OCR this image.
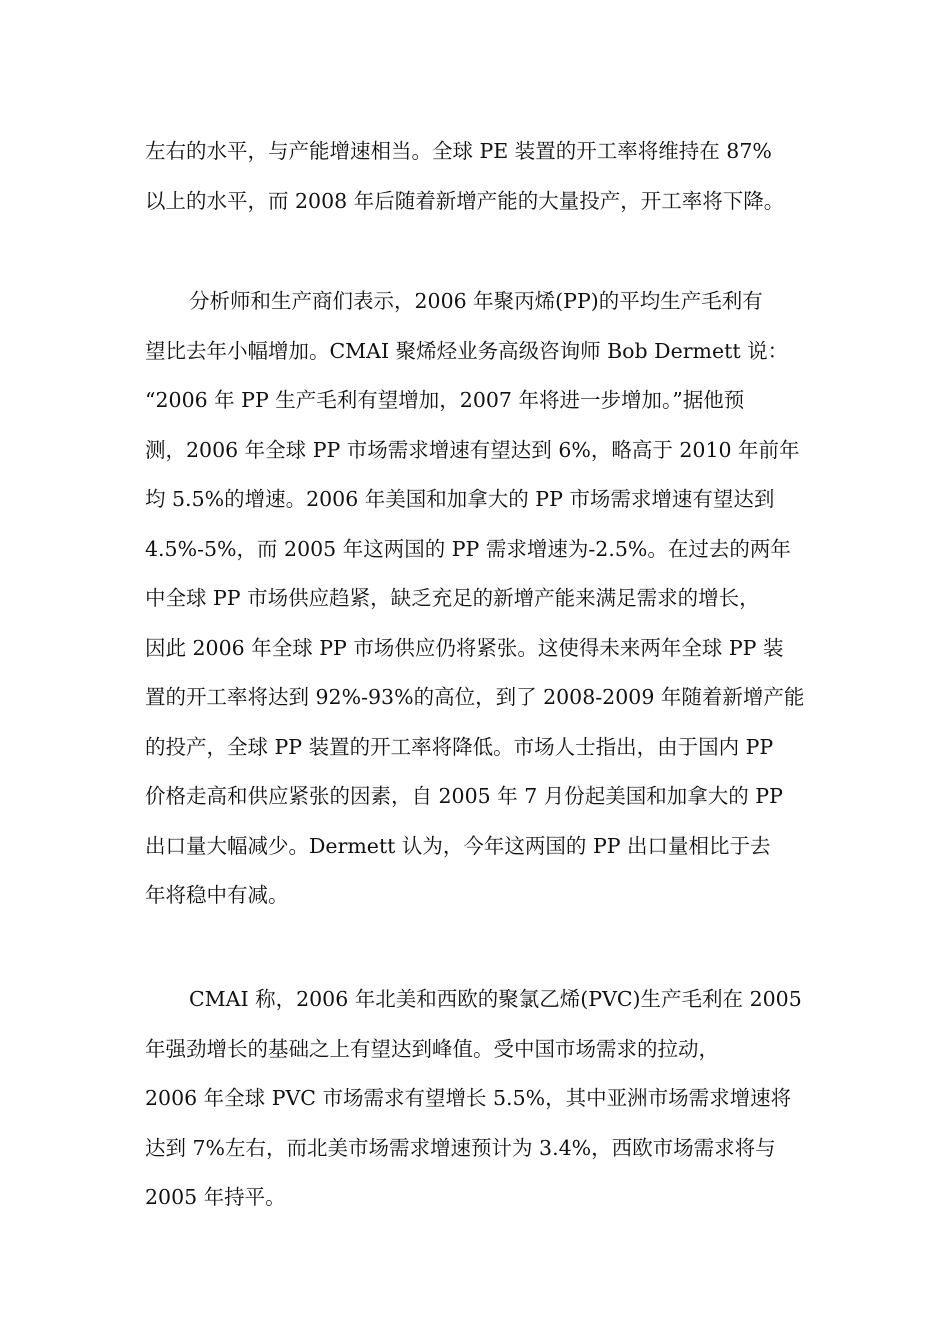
左右的水平，与产能增速相当。全球 PE 装置的开工率将维持在 87%
以上的水平，而 2008 年后随着新增产能的大量投产，开工率将下降。
分析师和生产商们表示，2006 年聚丙烯(PP)的平均生产毛利有
望比去年小幅增加。CMAI 聚烯烃业务高级咨询师 Bob Dermett 说：
“2006 年 PP 生产毛利有望增加，2007 年将进一步增加。”据他预
测，2006 年全球 PP 市场需求增速有望达到 6%，略高于 2010 年前年
均 5.5%的增速。2006 年美国和加拿大的 PP 市场需求增速有望达到
4.5%-5%，而 2005 年这两国的 PP 需求增速为-2.5%。在过去的两年
中全球 PP 市场供应趋紧，缺乏充足的新增产能来满足需求的增长，
因此 2006 年全球 PP 市场供应仍将紧张。这使得未来两年全球 PP 装
置的开工率将达到 92%-93%的高位，到了 2008-2009 年随着新增产能
的投产，全球 PP 装置的开工率将降低。市场人士指出，由于国内 PP
价格走高和供应紧张的因素，自 2005 年 7 月份起美国和加拿大的 PP
出口量大幅减少。Dermett 认为，今年这两国的 PP 出口量相比于去
年将稳中有减。
CMAI 称，2006 年北美和西欧的聚氯乙烯(PVC)生产毛利在 2005
年强劲增长的基础之上有望达到峰值。受中国市场需求的拉动，
2006 年全球 PVC 市场需求有望增长 5.5%，其中亚洲市场需求增速将
达到 7%左右，而北美市场需求增速预计为 3.4%，西欧市场需求将与
2005 年持平。
